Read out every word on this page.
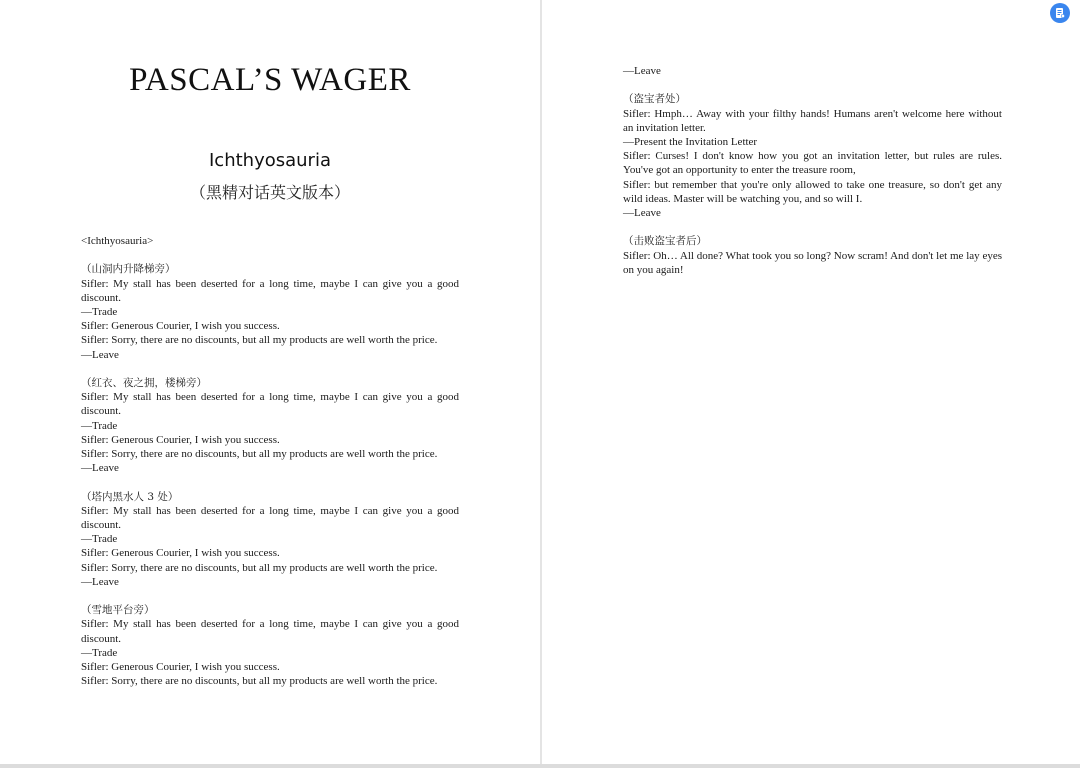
PASCAL’S WAGER
Ichthyosauria
（黑精对话英文版本）

<Ichthyosauria>

（山洞内升降梯旁）

Sifler: My stall has been deserted for a long time, maybe I can give you a good discount.

—Trade

Sifler: Generous Courier, I wish you success.

Sifler: Sorry, there are no discounts, but all my products are well worth the price.

—Leave

（红衣、夜之拥，楼梯旁）

Sifler: My stall has been deserted for a long time, maybe I can give you a good discount.

—Trade

Sifler: Generous Courier, I wish you success.

Sifler: Sorry, there are no discounts, but all my products are well worth the price.

—Leave

（塔内黑水人 3 处）

Sifler: My stall has been deserted for a long time, maybe I can give you a good discount.

—Trade

Sifler: Generous Courier, I wish you success.

Sifler: Sorry, there are no discounts, but all my products are well worth the price.

—Leave

（雪地平台旁）

Sifler: My stall has been deserted for a long time, maybe I can give you a good discount.

—Trade

Sifler: Generous Courier, I wish you success.

Sifler: Sorry, there are no discounts, but all my products are well worth the price.

—Leave

（盗宝者处）

Sifler: Hmph… Away with your filthy hands! Humans aren't welcome here without an invitation letter.

—Present the Invitation Letter

Sifler: Curses! I don't know how you got an invitation letter, but rules are rules. You've got an opportunity to enter the treasure room,

Sifler: but remember that you're only allowed to take one treasure, so don't get any wild ideas. Master will be watching you, and so will I.

—Leave

（击败盗宝者后）

Sifler: Oh… All done? What took you so long? Now scram! And don't let me lay eyes on you again!
